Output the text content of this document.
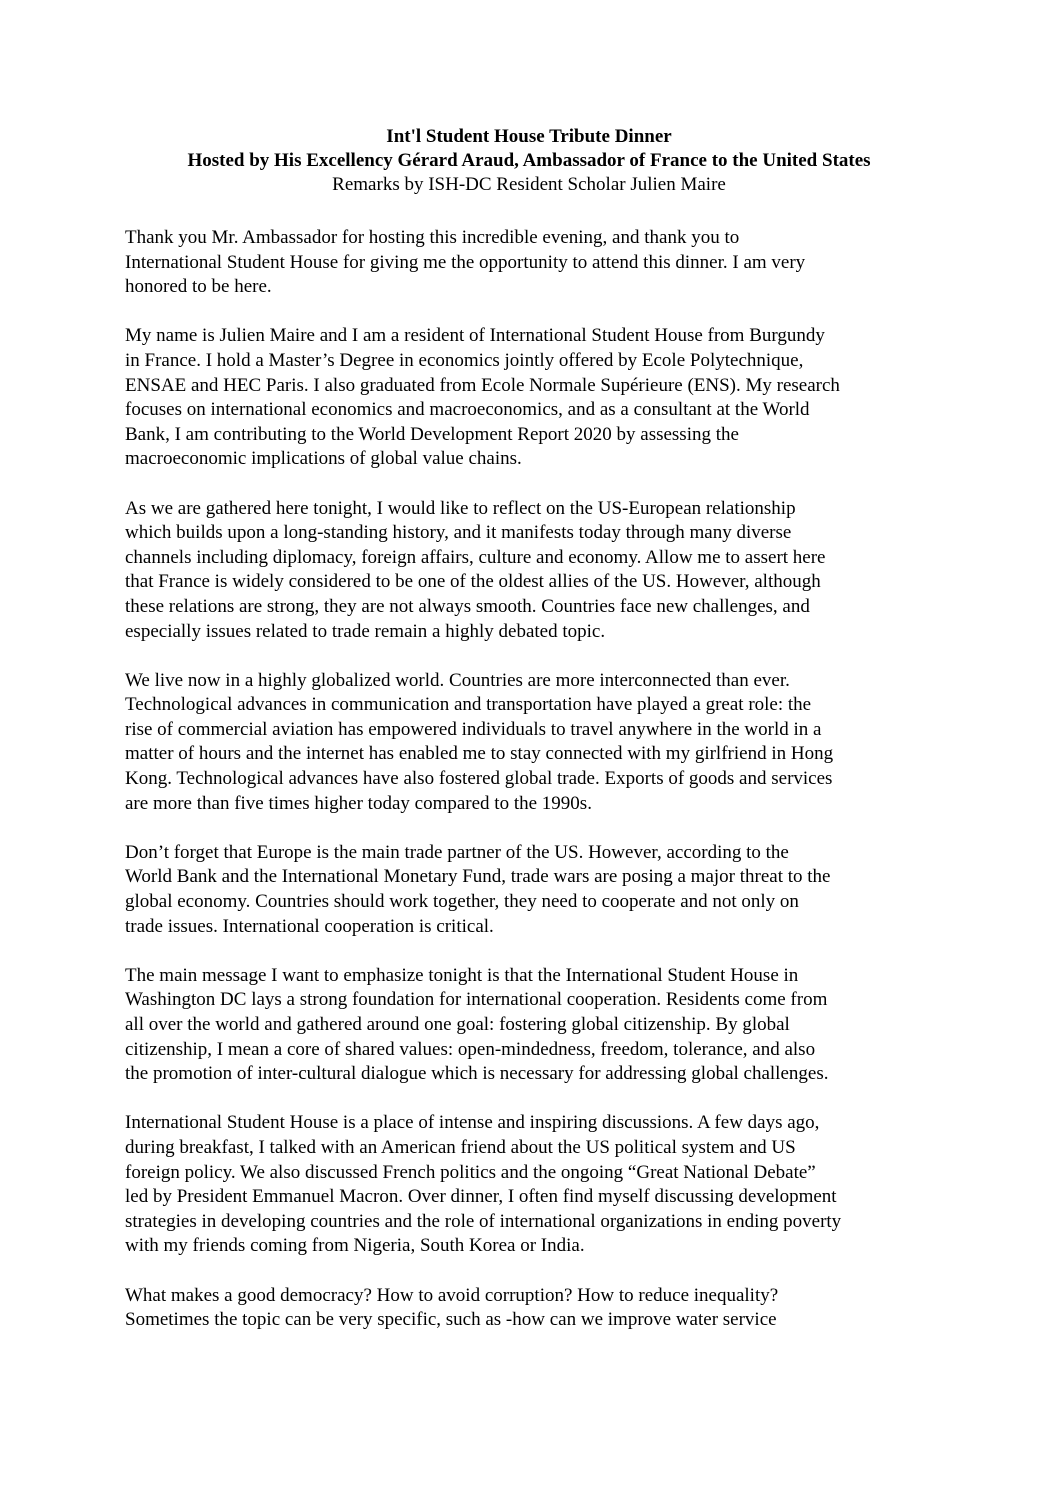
Int'l Student House Tribute Dinner
Hosted by His Excellency Gérard Araud, Ambassador of France to the United States
Remarks by ISH-DC Resident Scholar Julien Maire
Thank you Mr. Ambassador for hosting this incredible evening, and thank you to
International Student House for giving me the opportunity to attend this dinner. I am very
honored to be here.
My name is Julien Maire and I am a resident of International Student House from Burgundy
in France. I hold a Master’s Degree in economics jointly offered by Ecole Polytechnique,
ENSAE and HEC Paris. I also graduated from Ecole Normale Supérieure (ENS). My research
focuses on international economics and macroeconomics, and as a consultant at the World
Bank, I am contributing to the World Development Report 2020 by assessing the
macroeconomic implications of global value chains.
As we are gathered here tonight, I would like to reflect on the US-European relationship
which builds upon a long-standing history, and it manifests today through many diverse
channels including diplomacy, foreign affairs, culture and economy. Allow me to assert here
that France is widely considered to be one of the oldest allies of the US. However, although
these relations are strong, they are not always smooth. Countries face new challenges, and
especially issues related to trade remain a highly debated topic.
We live now in a highly globalized world. Countries are more interconnected than ever.
Technological advances in communication and transportation have played a great role: the
rise of commercial aviation has empowered individuals to travel anywhere in the world in a
matter of hours and the internet has enabled me to stay connected with my girlfriend in Hong
Kong. Technological advances have also fostered global trade. Exports of goods and services
are more than five times higher today compared to the 1990s.
Don’t forget that Europe is the main trade partner of the US. However, according to the
World Bank and the International Monetary Fund, trade wars are posing a major threat to the
global economy. Countries should work together, they need to cooperate and not only on
trade issues. International cooperation is critical.
The main message I want to emphasize tonight is that the International Student House in
Washington DC lays a strong foundation for international cooperation. Residents come from
all over the world and gathered around one goal: fostering global citizenship. By global
citizenship, I mean a core of shared values: open-mindedness, freedom, tolerance, and also
the promotion of inter-cultural dialogue which is necessary for addressing global challenges.
International Student House is a place of intense and inspiring discussions. A few days ago,
during breakfast, I talked with an American friend about the US political system and US
foreign policy. We also discussed French politics and the ongoing “Great National Debate”
led by President Emmanuel Macron. Over dinner, I often find myself discussing development
strategies in developing countries and the role of international organizations in ending poverty
with my friends coming from Nigeria, South Korea or India.
What makes a good democracy? How to avoid corruption? How to reduce inequality?
Sometimes the topic can be very specific, such as -how can we improve water service
